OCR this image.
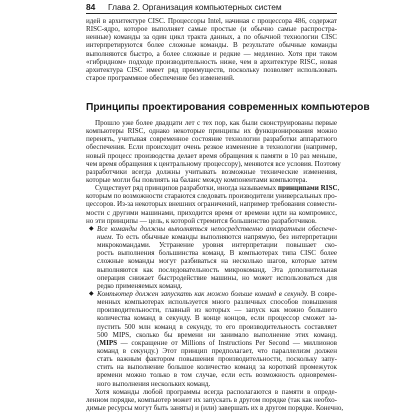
84 Глава 2. Организация компьютерных систем
идей в архитектуре CISC. Процессоры Intel, начиная с процессора 486, содержат
RISC-ядро, которое выполняет самые простые (и обычно самые распростра-
ненные) команды за один цикл тракта данных, а по обычной технологии CISC
интерпретируются более сложные команды. В результате обычные команды
выполняются быстро, а более сложные и редкие — медленно. Хотя при таком
«гибридном» подходе производительность ниже, чем в архитектуре RISC, новая
архитектура CISC имеет ряд преимуществ, поскольку позволяет использовать
старое программное обеспечение без изменений.
Принципы проектирования современных компьютеров
Прошло уже более двадцати лет с тех пор, как были сконструированы первые
компьютеры RISC, однако некоторые принципы их функционирования можно
перенять, учитывая современное состояние технологии разработки аппаратного
обеспечения. Если происходит очень резкое изменение в технологии (например,
новый процесс производства делает время обращения к памяти в 10 раз меньше,
чем время обращения к центральному процессору), меняются все условия. Поэтому
разработчики всегда должны учитывать возможные технические изменения,
которые могли бы повлиять на баланс между компонентами компьютера.
Существует ряд принципов разработки, иногда называемых принципами RISC,
которым по возможности стараются следовать производители универсальных про-
цессоров. Из-за некоторых внешних ограничений, например требования совмести-
мости с другими машинами, приходится время от времени идти на компромисс,
но эти принципы — цель, к которой стремится большинство разработчиков.
◆ Все команды должны выполняться непосредственно аппаратным обеспече-
нием. То есть обычные команды выполняются напрямую, без интерпретации
микрокомандами. Устранение уровня интерпретации повышает ско-
рость выполнения большинства команд. В компьютерах типа CISC более
сложные команды могут разбиваться на несколько шагов, которые затем
выполняются как последовательность микрокоманд. Эта дополнительная
операция снижает быстродействие машины, но может использоваться для
редко применяемых команд.
◆ Компьютер должен запускать как можно больше команд в секунду. В совре-
менных компьютерах используется много различных способов повышения
производительности, главный из которых — запуск как можно большего
количества команд в секунду. В конце концов, если процессор сможет за-
пустить 500 млн команд в секунду, то его производительность составляет
500 MIPS, сколько бы времени ни занимало выполнение этих команд.
(MIPS — сокращение от Millions of Instructions Per Second — миллионов
команд в секунду.) Этот принцип предполагает, что параллелизм должен
стать важным фактором повышения производительности, поскольку запу-
стить на выполнение большое количество команд за короткий промежуток
времени можно только в том случае, если есть возможность одновремен-
ного выполнения нескольких команд.
Хотя команды любой программы всегда располагаются в памяти в опреде-
ленном порядке, компьютер может их запускать в другом порядке (так как необхо-
димые ресурсы могут быть заняты) и (или) завершать их в другом порядке. Конечно,
